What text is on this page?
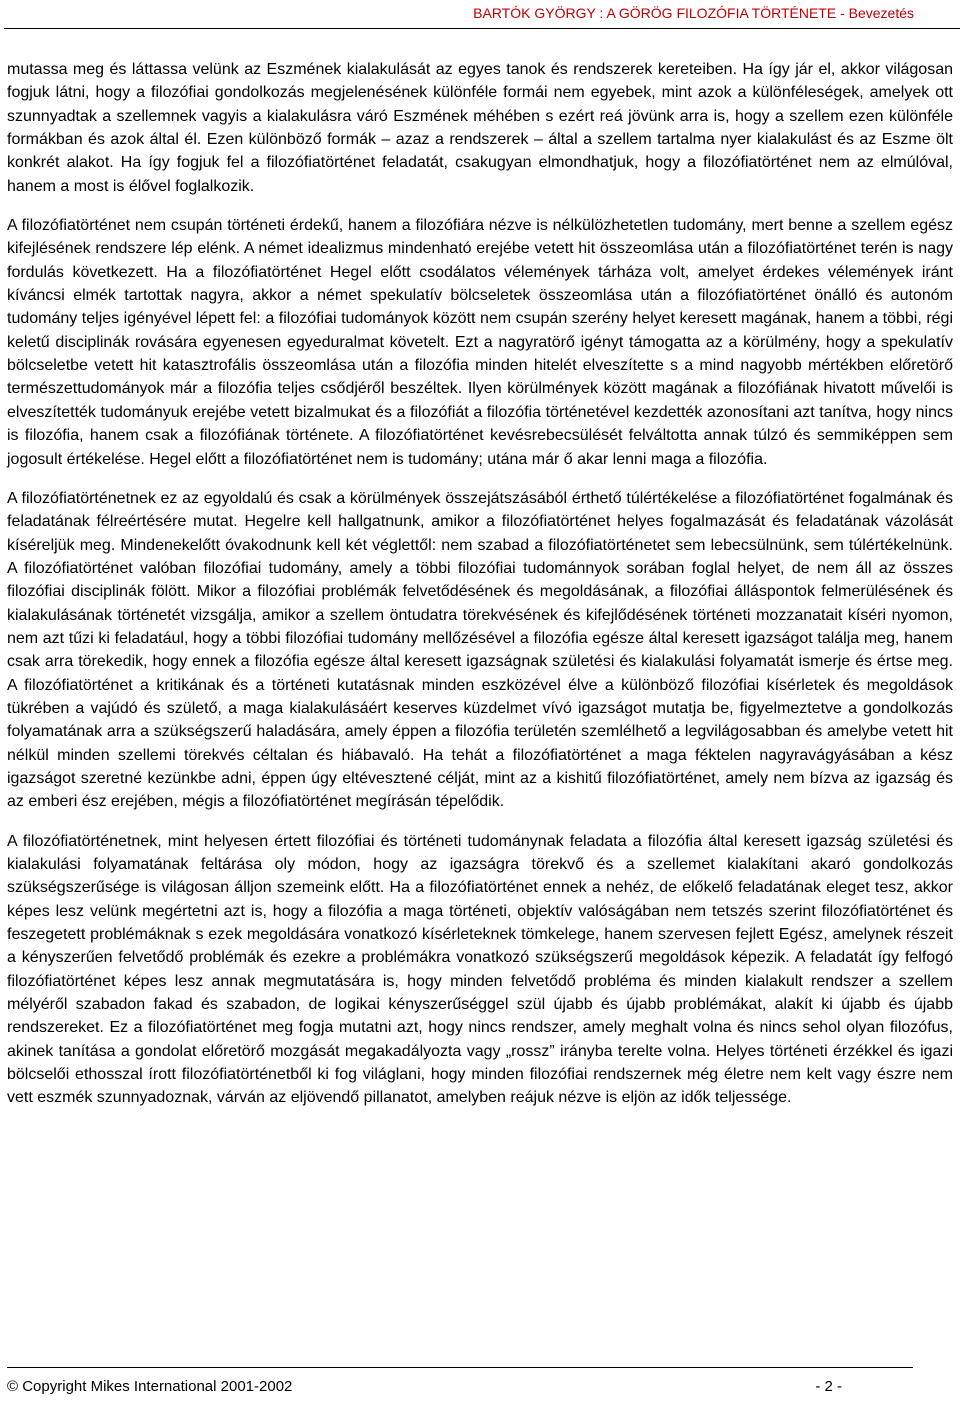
BARTÓK GYÖRGY : A GÖRÖG FILOZÓFIA TÖRTÉNETE - Bevezetés

mutassa meg és láttassa velünk az Eszmének kialakulását az egyes tanok és rendszerek kereteiben. Ha így jár el, akkor világosan fogjuk látni, hogy a filozófiai gondolkozás megjelenésének különféle formái nem egyebek, mint azok a különféleségek, amelyek ott szunnyadtak a szellemnek vagyis a kialakulásra váró Eszmének méhében s ezért reá jövünk arra is, hogy a szellem ezen különféle formákban és azok által él. Ezen különböző formák – azaz a rendszerek – által a szellem tartalma nyer kialakulást és az Eszme ölt konkrét alakot. Ha így fogjuk fel a filozófiatörténet feladatát, csakugyan elmondhatjuk, hogy a filozófiatörténet nem az elmúlóval, hanem a most is élővel foglalkozik.

A filozófiatörténet nem csupán történeti érdekű, hanem a filozófiára nézve is nélkülözhetetlen tudomány, mert benne a szellem egész kifejlésének rendszere lép elénk. A német idealizmus mindenható erejébe vetett hit összeomlása után a filozófiatörténet terén is nagy fordulás következett. Ha a filozófiatörténet Hegel előtt csodálatos vélemények tárháza volt, amelyet érdekes vélemények iránt kíváncsi elmék tartottak nagyra, akkor a német spekulatív bölcseletek összeomlása után a filozófiatörténet önálló és autonóm tudomány teljes igényével lépett fel: a filozófiai tudományok között nem csupán szerény helyet keresett magának, hanem a többi, régi keletű disciplinák rovására egyenesen egyeduralmat követelt. Ezt a nagyratörő igényt támogatta az a körülmény, hogy a spekulatív bölcseletbe vetett hit katasztrofális összeomlása után a filozófia minden hitelét elveszítette s a mind nagyobb mértékben előretörő természettudományok már a filozófia teljes csődjéről beszéltek. Ilyen körülmények között magának a filozófiának hivatott művelői is elveszítették tudományuk erejébe vetett bizalmukat és a filozófiát a filozófia történetével kezdették azonosítani azt tanítva, hogy nincs is filozófia, hanem csak a filozófiának története. A filozófiatörténet kevésrebecsülését felváltotta annak túlzó és semmiképpen sem jogosult értékelése. Hegel előtt a filozófiatörténet nem is tudomány; utána már ő akar lenni maga a filozófia.

A filozófiatörténetnek ez az egyoldalú és csak a körülmények összejátszásából érthető túlértékelése a filozófiatörténet fogalmának és feladatának félreértésére mutat. Hegelre kell hallgatnunk, amikor a filozófiatörténet helyes fogalmazását és feladatának vázolását kíséreljük meg. Mindenekelőtt óvakodnunk kell két véglettől: nem szabad a filozófiatörténetet sem lebecsülnünk, sem túlértékelnünk. A filozófiatörténet valóban filozófiai tudomány, amely a többi filozófiai tudománnyok sorában foglal helyet, de nem áll az összes filozófiai disciplinák fölött. Mikor a filozófiai problémák felvetődésének és megoldásának, a filozófiai álláspontok felmerülésének és kialakulásának történetét vizsgálja, amikor a szellem öntudatra törekvésének és kifejlődésének történeti mozzanatait kíséri nyomon, nem azt tűzi ki feladatául, hogy a többi filozófiai tudomány mellőzésével a filozófia egésze által keresett igazságot találja meg, hanem csak arra törekedik, hogy ennek a filozófia egésze által keresett igazságnak születési és kialakulási folyamatát ismerje és értse meg. A filozófiatörténet a kritikának és a történeti kutatásnak minden eszközével élve a különböző filozófiai kísérletek és megoldások tükrében a vajúdó és születő, a maga kialakulásáért keserves küzdelmet vívó igazságot mutatja be, figyelmeztetve a gondolkozás folyamatának arra a szükségszerű haladására, amely éppen a filozófia területén szemlélhető a legvilágosabban és amelybe vetett hit nélkül minden szellemi törekvés céltalan és hiábavaló. Ha tehát a filozófiatörténet a maga féktelen nagyravágyásában a kész igazságot szeretné kezünkbe adni, éppen úgy eltévesztené célját, mint az a kishitű filozófiatörténet, amely nem bízva az igazság és az emberi ész erejében, mégis a filozófiatörténet megírásán tépelődik.

A filozófiatörténetnek, mint helyesen értett filozófiai és történeti tudománynak feladata a filozófia által keresett igazság születési és kialakulási folyamatának feltárása oly módon, hogy az igazságra törekvő és a szellemet kialakítani akaró gondolkozás szükségszerűsége is világosan álljon szemeink előtt. Ha a filozófiatörténet ennek a nehéz, de előkelő feladatának eleget tesz, akkor képes lesz velünk megértetni azt is, hogy a filozófia a maga történeti, objektív valóságában nem tetszés szerint filozófiatörténet és feszegetett problémáknak s ezek megoldására vonatkozó kísérleteknek tömkelege, hanem szervesen fejlett Egész, amelynek részeit a kényszerűen felvetődő problémák és ezekre a problémákra vonatkozó szükségszerű megoldások képezik. A feladatát így felfogó filozófiatörténet képes lesz annak megmutatására is, hogy minden felvetődő probléma és minden kialakult rendszer a szellem mélyéről szabadon fakad és szabadon, de logikai kényszerűséggel szül újabb és újabb problémákat, alakít ki újabb és újabb rendszereket. Ez a filozófiatörténet meg fogja mutatni azt, hogy nincs rendszer, amely meghalt volna és nincs sehol olyan filozófus, akinek tanítása a gondolat előretörő mozgását megakadályozta vagy „rossz” irányba terelte volna. Helyes történeti érzékkel és igazi bölcselői ethosszal írott filozófiatörténetből ki fog világlani, hogy minden filozófiai rendszernek még életre nem kelt vagy észre nem vett eszmék szunnyadoznak, várván az eljövendő pillanatot, amelyben reájuk nézve is eljön az idők teljessége.

© Copyright Mikes International 2001-2002	- 2 -
